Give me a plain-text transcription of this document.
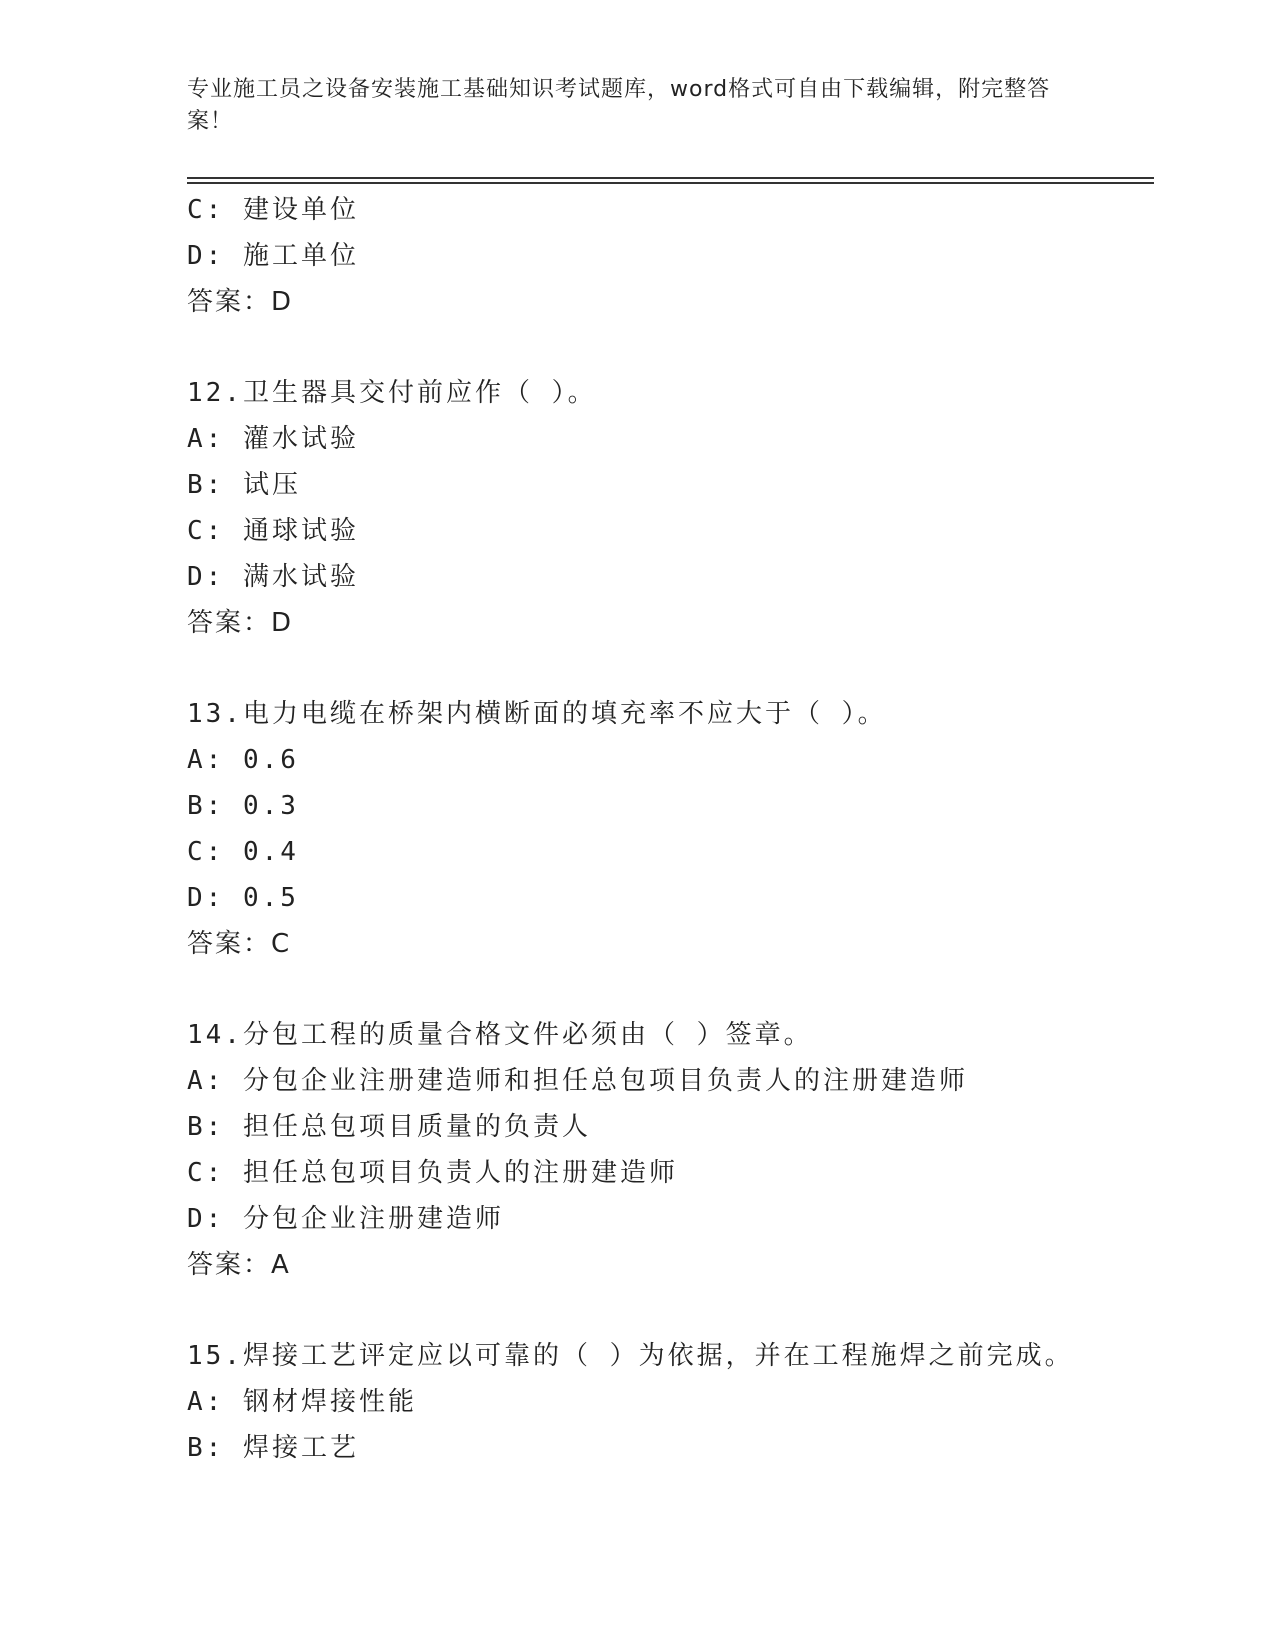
专业施工员之设备安装施工基础知识考试题库，word格式可自由下载编辑，附完整答案！
C: 建设单位
D: 施工单位
答案：D
12.卫生器具交付前应作（ ）。
A: 灌水试验
B: 试压
C: 通球试验
D: 满水试验
答案：D
13.电力电缆在桥架内横断面的填充率不应大于（ ）。
A: 0.6
B: 0.3
C: 0.4
D: 0.5
答案：C
14.分包工程的质量合格文件必须由（ ）签章。
A: 分包企业注册建造师和担任总包项目负责人的注册建造师
B: 担任总包项目质量的负责人
C: 担任总包项目负责人的注册建造师
D: 分包企业注册建造师
答案：A
15.焊接工艺评定应以可靠的（ ）为依据，并在工程施焊之前完成。
A: 钢材焊接性能
B: 焊接工艺
